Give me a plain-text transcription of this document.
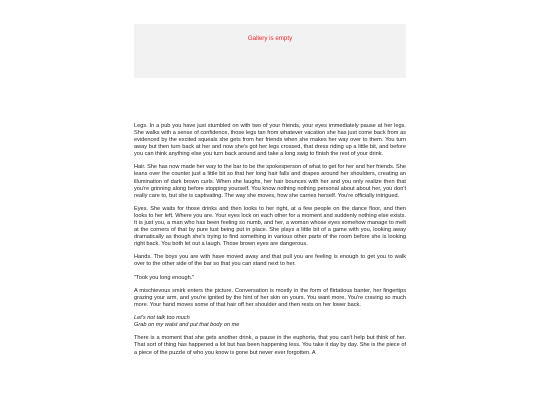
Gallery is empty

Legs. In a pub you have just stumbled on with two of your friends, your eyes immediately pause at her legs. She walks with a sense of confidence, those legs tan from whatever vacation she has just come back from as evidenced by the excited squeals she gets from her friends when she makes her way over to them. You turn away but then turn back at her and now she's got her legs crossed, that dress riding up a little bit, and before you can think anything else you turn back around and take a long swig to finish the rest of your drink.

Hair. She has now made her way to the bar to be the spokesperson of what to get for her and her friends. She leans over the counter just a little bit so that her long hair falls and drapes around her shoulders, creating an illumination of dark brown curls. When she laughs, her hair bounces with her and you only realize then that you're grinning along before stopping yourself. You know nothing nothing personal about about her, you don't really care to, but she is captivating. The way she moves, how she carries herself. You're officially intrigued.

Eyes. She waits for those drinks and then looks to her right, at a few people on the dance floor, and then looks to her left. Where you are. Your eyes lock on each other for a moment and suddenly nothing else exists. It is just you, a man who has been feeling so numb, and her, a woman whose eyes somehow manage to melt at the corners of that by pure lust being put in place. She plays a little bit of a game with you, looking away dramatically as though she's trying to find something in various other parts of the room before she is looking right back. You both let out a laugh. Those brown eyes are dangerous.

Hands. The boys you are with have moved away and that pull you are feeling is enough to get you to walk over to the other side of the bar so that you can stand next to her.

"Took you long enough."

A mischievous smirk enters the picture. Conversation is mostly in the form of flirtatious banter, her fingertips grazing your arm, and you're ignited by the hint of her skin on yours. You want more. You're craving so much more. Your hand moves some of that hair off her shoulder and then rests on her lower back.

Let's not talk too much

Grab on my waist and put that body on me

There is a moment that she gets another drink, a pause in the euphoria, that you can't help but think of her. That sort of thing has happened a lot but has been happening less. You take it day by day. She is the piece of a piece of the puzzle of who you know is gone but never ever forgotten. A
